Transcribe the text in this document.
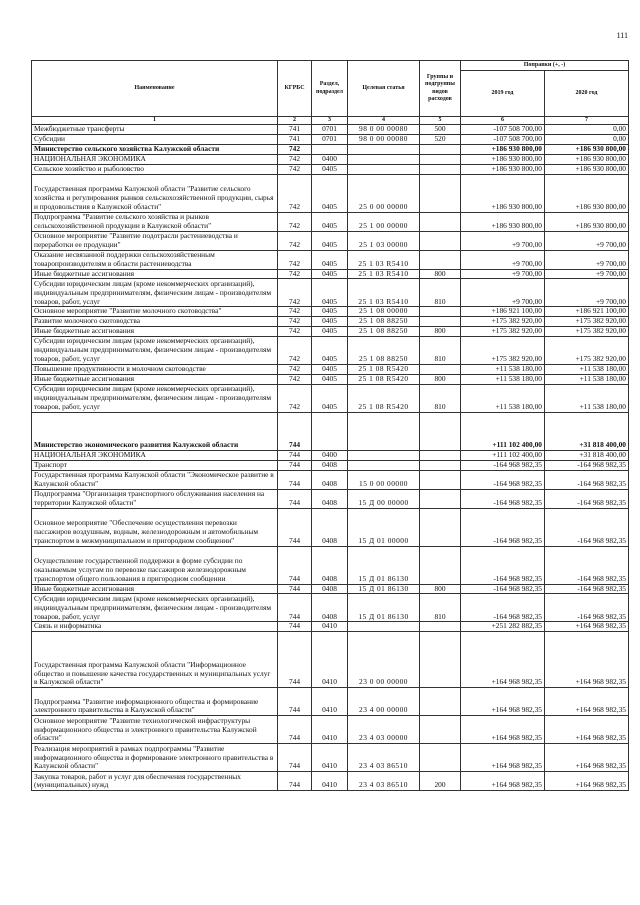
111
Наименование	КГРБС	Раздел, подраздел	Целевая статья	Группы и подгруппы видов расходов	Поправки (+, -)	
					2019 год	2020 год
1	2	3	4	5	6	7
Межбюджетные трансферты	741	0701	98 0 00 00080	500	-107 508 700,00	0,00
Субсидии	741	0701	98 0 00 00080	520	-107 508 700,00	0,00
Министерство сельского хозяйства Калужской области	742				+186 930 800,00	+186 930 800,00
НАЦИОНАЛЬНАЯ ЭКОНОМИКА	742	0400			+186 930 800,00	+186 930 800,00
Сельское хозяйство и рыболовство	742	0405			+186 930 800,00	+186 930 800,00
Государственная программа Калужской области "Развитие сельского хозяйства и регулирования рынков сельскохозяйственной продукции, сырья и продовольствия в Калужской области"	742	0405	25 0 00 00000		+186 930 800,00	+186 930 800,00
Подпрограмма "Развитие сельского хозяйства и рынков сельскохозяйственной продукции в Калужской области"	742	0405	25 1 00 00000		+186 930 800,00	+186 930 800,00
Основное мероприятие "Развитие подотрасли растениеводства и переработки ее продукции"	742	0405	25 1 03 00000		+9 700,00	+9 700,00
Оказание несвязанной поддержки сельскохозяйственным товаропроизводителям в области растениеводства	742	0405	25 1 03 R5410		+9 700,00	+9 700,00
Иные бюджетные ассигнования	742	0405	25 1 03 R5410	800	+9 700,00	+9 700,00
Субсидии юридическим лицам (кроме некоммерческих организаций), индивидуальным предпринимателям, физическим лицам - производителям товаров, работ, услуг	742	0405	25 1 03 R5410	810	+9 700,00	+9 700,00
Основное мероприятие "Развитие молочного скотоводства"	742	0405	25 1 08 00000		+186 921 100,00	+186 921 100,00
Развитие молочного скотоводства	742	0405	25 1 08 88250		+175 382 920,00	+175 382 920,00
Иные бюджетные ассигнования	742	0405	25 1 08 88250	800	+175 382 920,00	+175 382 920,00
Субсидии юридическим лицам (кроме некоммерческих организаций), индивидуальным предпринимателям, физическим лицам - производителям товаров, работ, услуг	742	0405	25 1 08 88250	810	+175 382 920,00	+175 382 920,00
Повышение продуктивности в молочном скотоводстве	742	0405	25 1 08 R5420		+11 538 180,00	+11 538 180,00
Иные бюджетные ассигнования	742	0405	25 1 08 R5420	800	+11 538 180,00	+11 538 180,00
Субсидии юридическим лицам (кроме некоммерческих организаций), индивидуальным предпринимателям, физическим лицам - производителям товаров, работ, услуг	742	0405	25 1 08 R5420	810	+11 538 180,00	+11 538 180,00
Министерство экономического развития Калужской области	744				+111 102 400,00	+31 818 400,00
НАЦИОНАЛЬНАЯ ЭКОНОМИКА	744	0400			+111 102 400,00	+31 818 400,00
Транспорт	744	0408			-164 968 982,35	-164 968 982,35
Государственная программа Калужской области "Экономическое развитие в Калужской области"	744	0408	15 0 00 00000		-164 968 982,35	-164 968 982,35
Подпрограмма "Организация транспортного обслуживания населения на территории Калужской области"	744	0408	15 Д 00 00000		-164 968 982,35	-164 968 982,35
Основное мероприятие "Обеспечение осуществления перевозки пассажиров воздушным, водным, железнодорожным и автомобильным транспортом в межмуниципальном и пригородном сообщении"	744	0408	15 Д 01 00000		-164 968 982,35	-164 968 982,35
Осуществление государственной поддержки в форме субсидии по оказываемым услугам по перевозке пассажиров железнодорожным транспортом общего пользования в пригородном сообщении	744	0408	15 Д 01 86130		-164 968 982,35	-164 968 982,35
Иные бюджетные ассигнования	744	0408	15 Д 01 86130	800	-164 968 982,35	-164 968 982,35
Субсидии юридическим лицам (кроме некоммерческих организаций), индивидуальным предпринимателям, физическим лицам - производителям товаров, работ, услуг	744	0408	15 Д 01 86130	810	-164 968 982,35	-164 968 982,35
Связь и информатика	744	0410			+251 282 882,35	+164 968 982,35
Государственная программа Калужской области "Информационное общество и повышение качества государственных и муниципальных услуг в Калужской области"	744	0410	23 0 00 00000		+164 968 982,35	+164 968 982,35
Подпрограмма "Развитие информационного общества и формирование электронного правительства в Калужской области"	744	0410	23 4 00 00000		+164 968 982,35	+164 968 982,35
Основное мероприятие "Развитие технологической инфраструктуры информационного общества и электронного правительства Калужской области"	744	0410	23 4 03 00000		+164 968 982,35	+164 968 982,35
Реализация мероприятий в рамках подпрограммы "Развитие информационного общества и формирование электронного правительства в Калужской области"	744	0410	23 4 03 86510		+164 968 982,35	+164 968 982,35
Закупка товаров, работ и услуг для обеспечения государственных (муниципальных) нужд	744	0410	23 4 03 86510	200	+164 968 982,35	+164 968 982,35
